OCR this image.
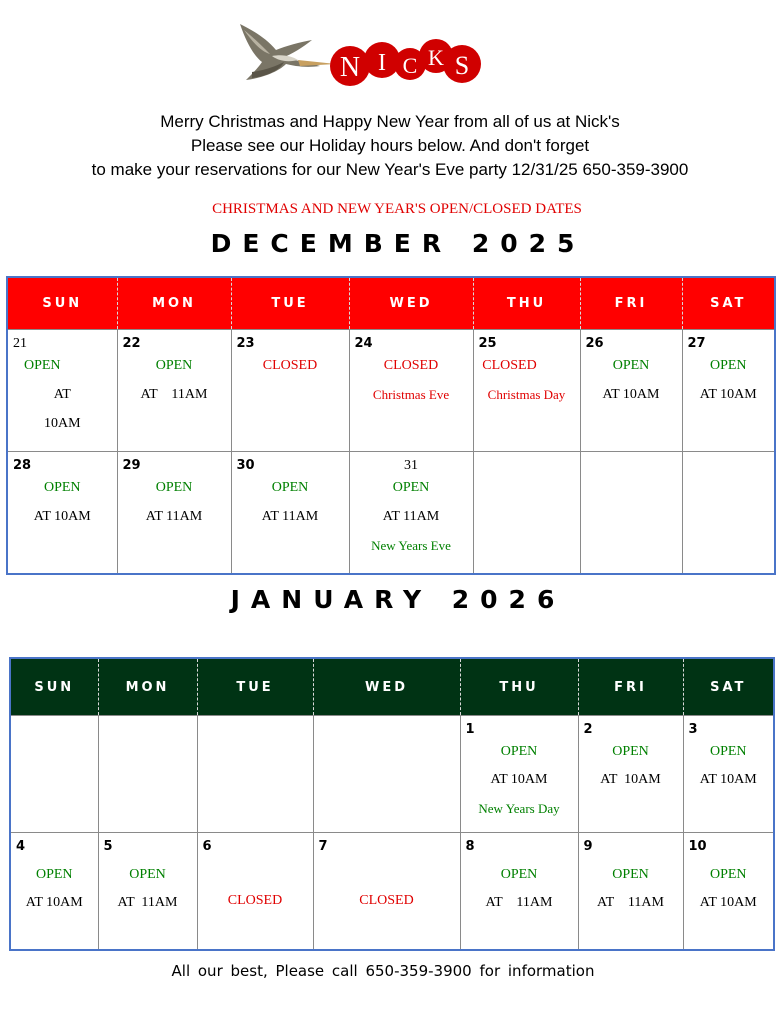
N I C K S
Merry Christmas and Happy New Year from all of us at Nick's
Please see our Holiday hours below. And don't forget
to make your reservations for our New Year's Eve party 12/31/25 650-359-3900
CHRISTMAS AND NEW YEAR'S OPEN/CLOSED DATES
DECEMBER 2025
SUN	MON	TUE	WED	THU	FRI	SAT

21
OPEN
AT
10AM	22
OPEN
AT    11AM	23
CLOSED	24
CLOSED
Christmas Eve	25
CLOSED
Christmas Day	26
OPEN
AT 10AM	27
OPEN
AT 10AM

28
OPEN
AT 10AM	29
OPEN
AT 11AM	30
OPEN
AT 11AM	31
OPEN
AT 11AM
New Years Eve			

JANUARY 2026
SUN	MON	TUE	WED	THU	FRI	SAT

				1
OPEN
AT 10AM
New Years Day	2
OPEN
AT  10AM	3
OPEN
AT 10AM

4
OPEN
AT 10AM	5
OPEN
AT  11AM	6
CLOSED	7
CLOSED	8
OPEN
AT    11AM	9
OPEN
AT    11AM	10
OPEN
AT 10AM
All our best, Please call 650-359-3900 for information
